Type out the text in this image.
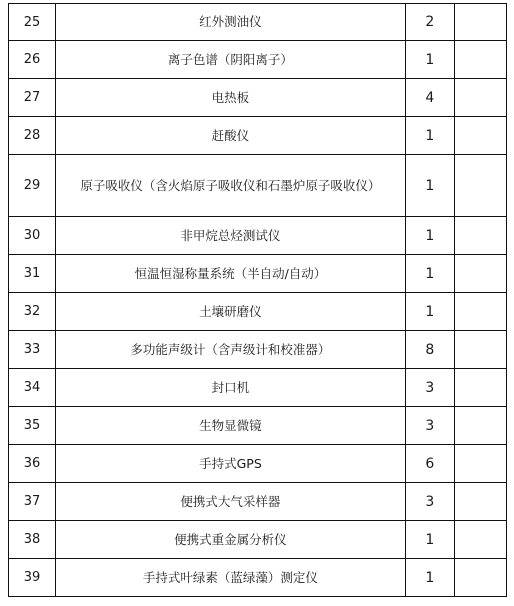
25	红外测油仪	2	
26	离子色谱（阴阳离子）	1	
27	电热板	4	
28	赶酸仪	1	
29	原子吸收仪（含火焰原子吸收仪和石墨炉原子吸收仪）	1	
30	非甲烷总烃测试仪	1	
31	恒温恒湿称量系统（半自动/自动）	1	
32	土壤研磨仪	1	
33	多功能声级计（含声级计和校准器）	8	
34	封口机	3	
35	生物显微镜	3	
36	手持式GPS	6	
37	便携式大气采样器	3	
38	便携式重金属分析仪	1	
39	手持式叶绿素（蓝绿藻）测定仪	1	
